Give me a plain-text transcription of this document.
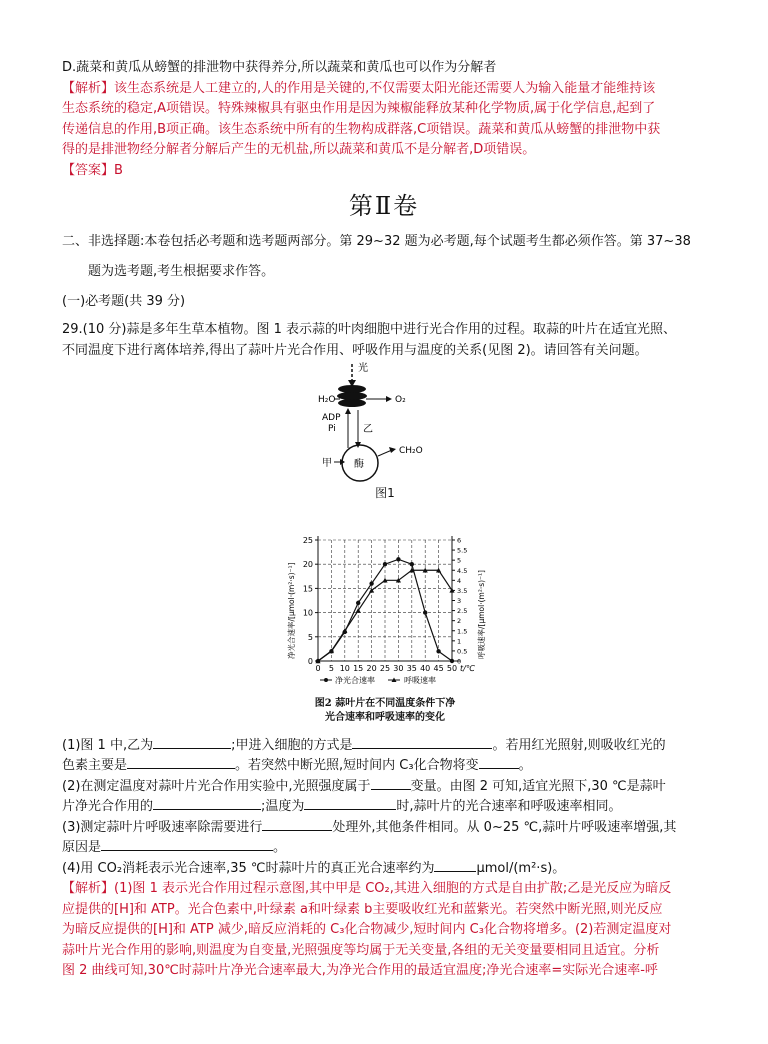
D.蔬菜和黄瓜从螃蟹的排泄物中获得养分,所以蔬菜和黄瓜也可以作为分解者
【解析】该生态系统是人工建立的,人的作用是关键的,不仅需要太阳光能还需要人为输入能量才能维持该
生态系统的稳定,A项错误。特殊辣椒具有驱虫作用是因为辣椒能释放某种化学物质,属于化学信息,起到了
传递信息的作用,B项正确。该生态系统中所有的生物构成群落,C项错误。蔬菜和黄瓜从螃蟹的排泄物中获
得的是排泄物经分解者分解后产生的无机盐,所以蔬菜和黄瓜不是分解者,D项错误。
【答案】B
第Ⅱ卷
二、非选择题:本卷包括必考题和选考题两部分。第 29~32 题为必考题,每个试题考生都必须作答。第 37~38
题为选考题,考生根据要求作答。
(一)必考题(共 39 分)
29.(10 分)蒜是多年生草本植物。图 1 表示蒜的叶肉细胞中进行光合作用的过程。取蒜的叶片在适宜光照、
不同温度下进行离体培养,得出了蒜叶片光合作用、呼吸作用与温度的关系(见图 2)。请回答有关问题。
光
H₂O	O₂
ADP
Pi	乙
酶
甲
CH₂O
图1
0
5
10
15
20
25
0
0.5
1
1.5
2
2.5
3
3.5
4
4.5
5
5.5
6
0 5 10 15 20 25 30 35 40 45 50 t/℃
净光合速率/[μmol·(m²·s)⁻¹]	呼吸速率/[μmol·(m²·s)⁻¹]
净光合速率	呼吸速率
图2 蒜叶片在不同温度条件下净
光合速率和呼吸速率的变化
(1)图 1 中,乙为	;甲进入细胞的方式是	。若用红光照射,则吸收红光的
色素主要是	。若突然中断光照,短时间内 C₃化合物将变	。
(2)在测定温度对蒜叶片光合作用实验中,光照强度属于	变量。由图 2 可知,适宜光照下,30 ℃是蒜叶
片净光合作用的	;温度为	时,蒜叶片的光合速率和呼吸速率相同。
(3)测定蒜叶片呼吸速率除需要进行	处理外,其他条件相同。从 0~25 ℃,蒜叶片呼吸速率增强,其
原因是	。
(4)用 CO₂消耗表示光合速率,35 ℃时蒜叶片的真正光合速率约为	μmol/(m²·s)。
【解析】(1)图 1 表示光合作用过程示意图,其中甲是 CO₂,其进入细胞的方式是自由扩散;乙是光反应为暗反
应提供的[H]和 ATP。光合色素中,叶绿素 a和叶绿素 b主要吸收红光和蓝紫光。若突然中断光照,则光反应
为暗反应提供的[H]和 ATP 减少,暗反应消耗的 C₃化合物减少,短时间内 C₃化合物将增多。(2)若测定温度对
蒜叶片光合作用的影响,则温度为自变量,光照强度等均属于无关变量,各组的无关变量要相同且适宜。分析
图 2 曲线可知,30℃时蒜叶片净光合速率最大,为净光合作用的最适宜温度;净光合速率=实际光合速率-呼
